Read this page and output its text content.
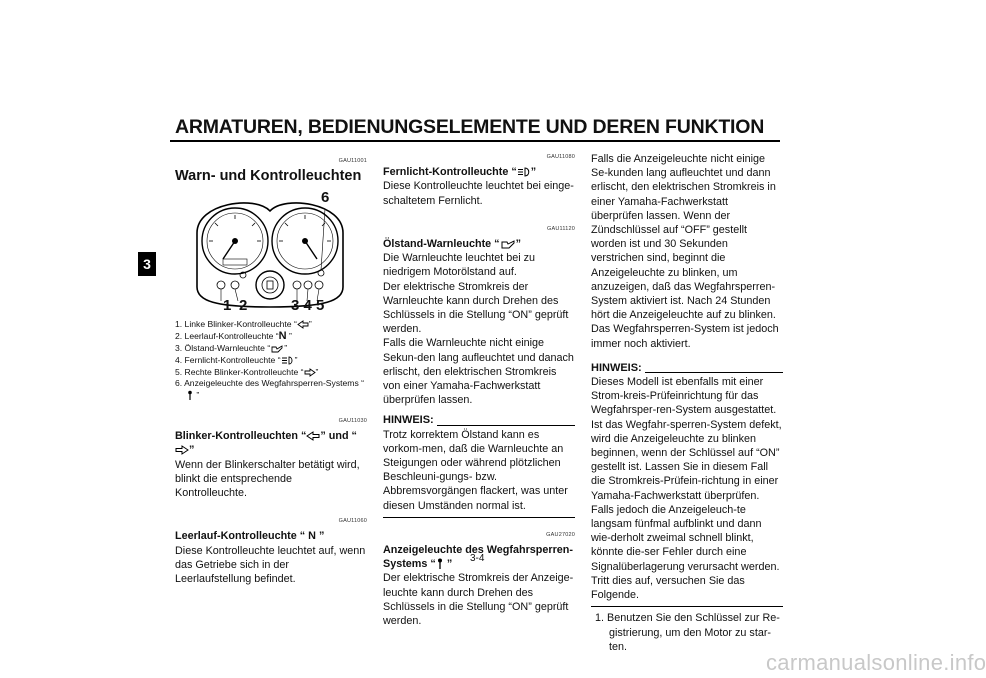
ARMATUREN, BEDIENUNGSELEMENTE UND DEREN FUNKTION
3
GAU11001
Warn- und Kontrolleuchten
6
1 2	3 4 5
1. Linke Blinker-Kontrolleuchte “ ”
2. Leerlauf-Kontrolleuchte “N ”
3. Ölstand-Warnleuchte “ ”
4. Fernlicht-Kontrolleuchte “ ”
5. Rechte Blinker-Kontrolleuchte “ ”
6. Anzeigeleuchte des Wegfahrsperren-Systems “ ”
GAU11030
Blinker-Kontrolleuchten “ ” und “”

Wenn der Blinkerschalter betätigt wird, blinkt die entsprechende Kontrolleuchte.

GAU11060
Leerlauf-Kontrolleuchte “ N ”

Diese Kontrolleuchte leuchtet auf, wenn das Getriebe sich in der Leerlaufstellung befindet.

GAU11080
Fernlicht-Kontrolleuchte “ ”

Diese Kontrolleuchte leuchtet bei einge-schaltetem Fernlicht.

GAU11120
Ölstand-Warnleuchte “ ”

Die Warnleuchte leuchtet bei zu niedrigem Motorölstand auf.
Der elektrische Stromkreis der Warnleuchte kann durch Drehen des Schlüssels in die Stellung “ON” geprüft werden.
Falls die Warnleuchte nicht einige Sekun-den lang aufleuchtet und danach erlischt, den elektrischen Stromkreis von einer Yamaha-Fachwerkstatt überprüfen lassen.

HINWEIS:

Trotz korrektem Ölstand kann es vorkom-men, daß die Warnleuchte an Steigungen oder während plötzlichen Beschleuni-gungs- bzw. Abbremsvorgängen flackert, was unter diesen Umständen normal ist.

GAU27020
Anzeigeleuchte des Wegfahrsperren-Systems “ ”

Der elektrische Stromkreis der Anzeige-leuchte kann durch Drehen des Schlüssels in die Stellung “ON” geprüft werden.

Falls die Anzeigeleuchte nicht einige Se-kunden lang aufleuchtet und dann erlischt, den elektrischen Stromkreis in einer Yamaha-Fachwerkstatt überprüfen lassen. Wenn der Zündschlüssel auf “OFF” gestellt worden ist und 30 Sekunden verstrichen sind, beginnt die Anzeigeleuchte zu blinken, um anzuzeigen, daß das Wegfahrsperren-System aktiviert ist. Nach 24 Stunden hört die Anzeigeleuchte auf zu blinken. Das Wegfahrsperren-System ist jedoch immer noch aktiviert.

HINWEIS:

Dieses Modell ist ebenfalls mit einer Strom-kreis-Prüfeinrichtung für das Wegfahrsper-ren-System ausgestattet. Ist das Wegfahr-sperren-System defekt, wird die Anzeigeleuchte zu blinken beginnen, wenn der Schlüssel auf “ON” gestellt ist. Lassen Sie in diesem Fall die Stromkreis-Prüfein-richtung in einer Yamaha-Fachwerkstatt überprüfen. Falls jedoch die Anzeigeleuch-te langsam fünfmal aufblinkt und dann wie-derholt zweimal schnell blinkt, könnte die-ser Fehler durch eine Signalüberlagerung verursacht werden. Tritt dies auf, versuchen Sie das Folgende.

1. Benutzen Sie den Schlüssel zur Re-gistrierung, um den Motor zu star-ten.

3-4
carmanualsonline.info
